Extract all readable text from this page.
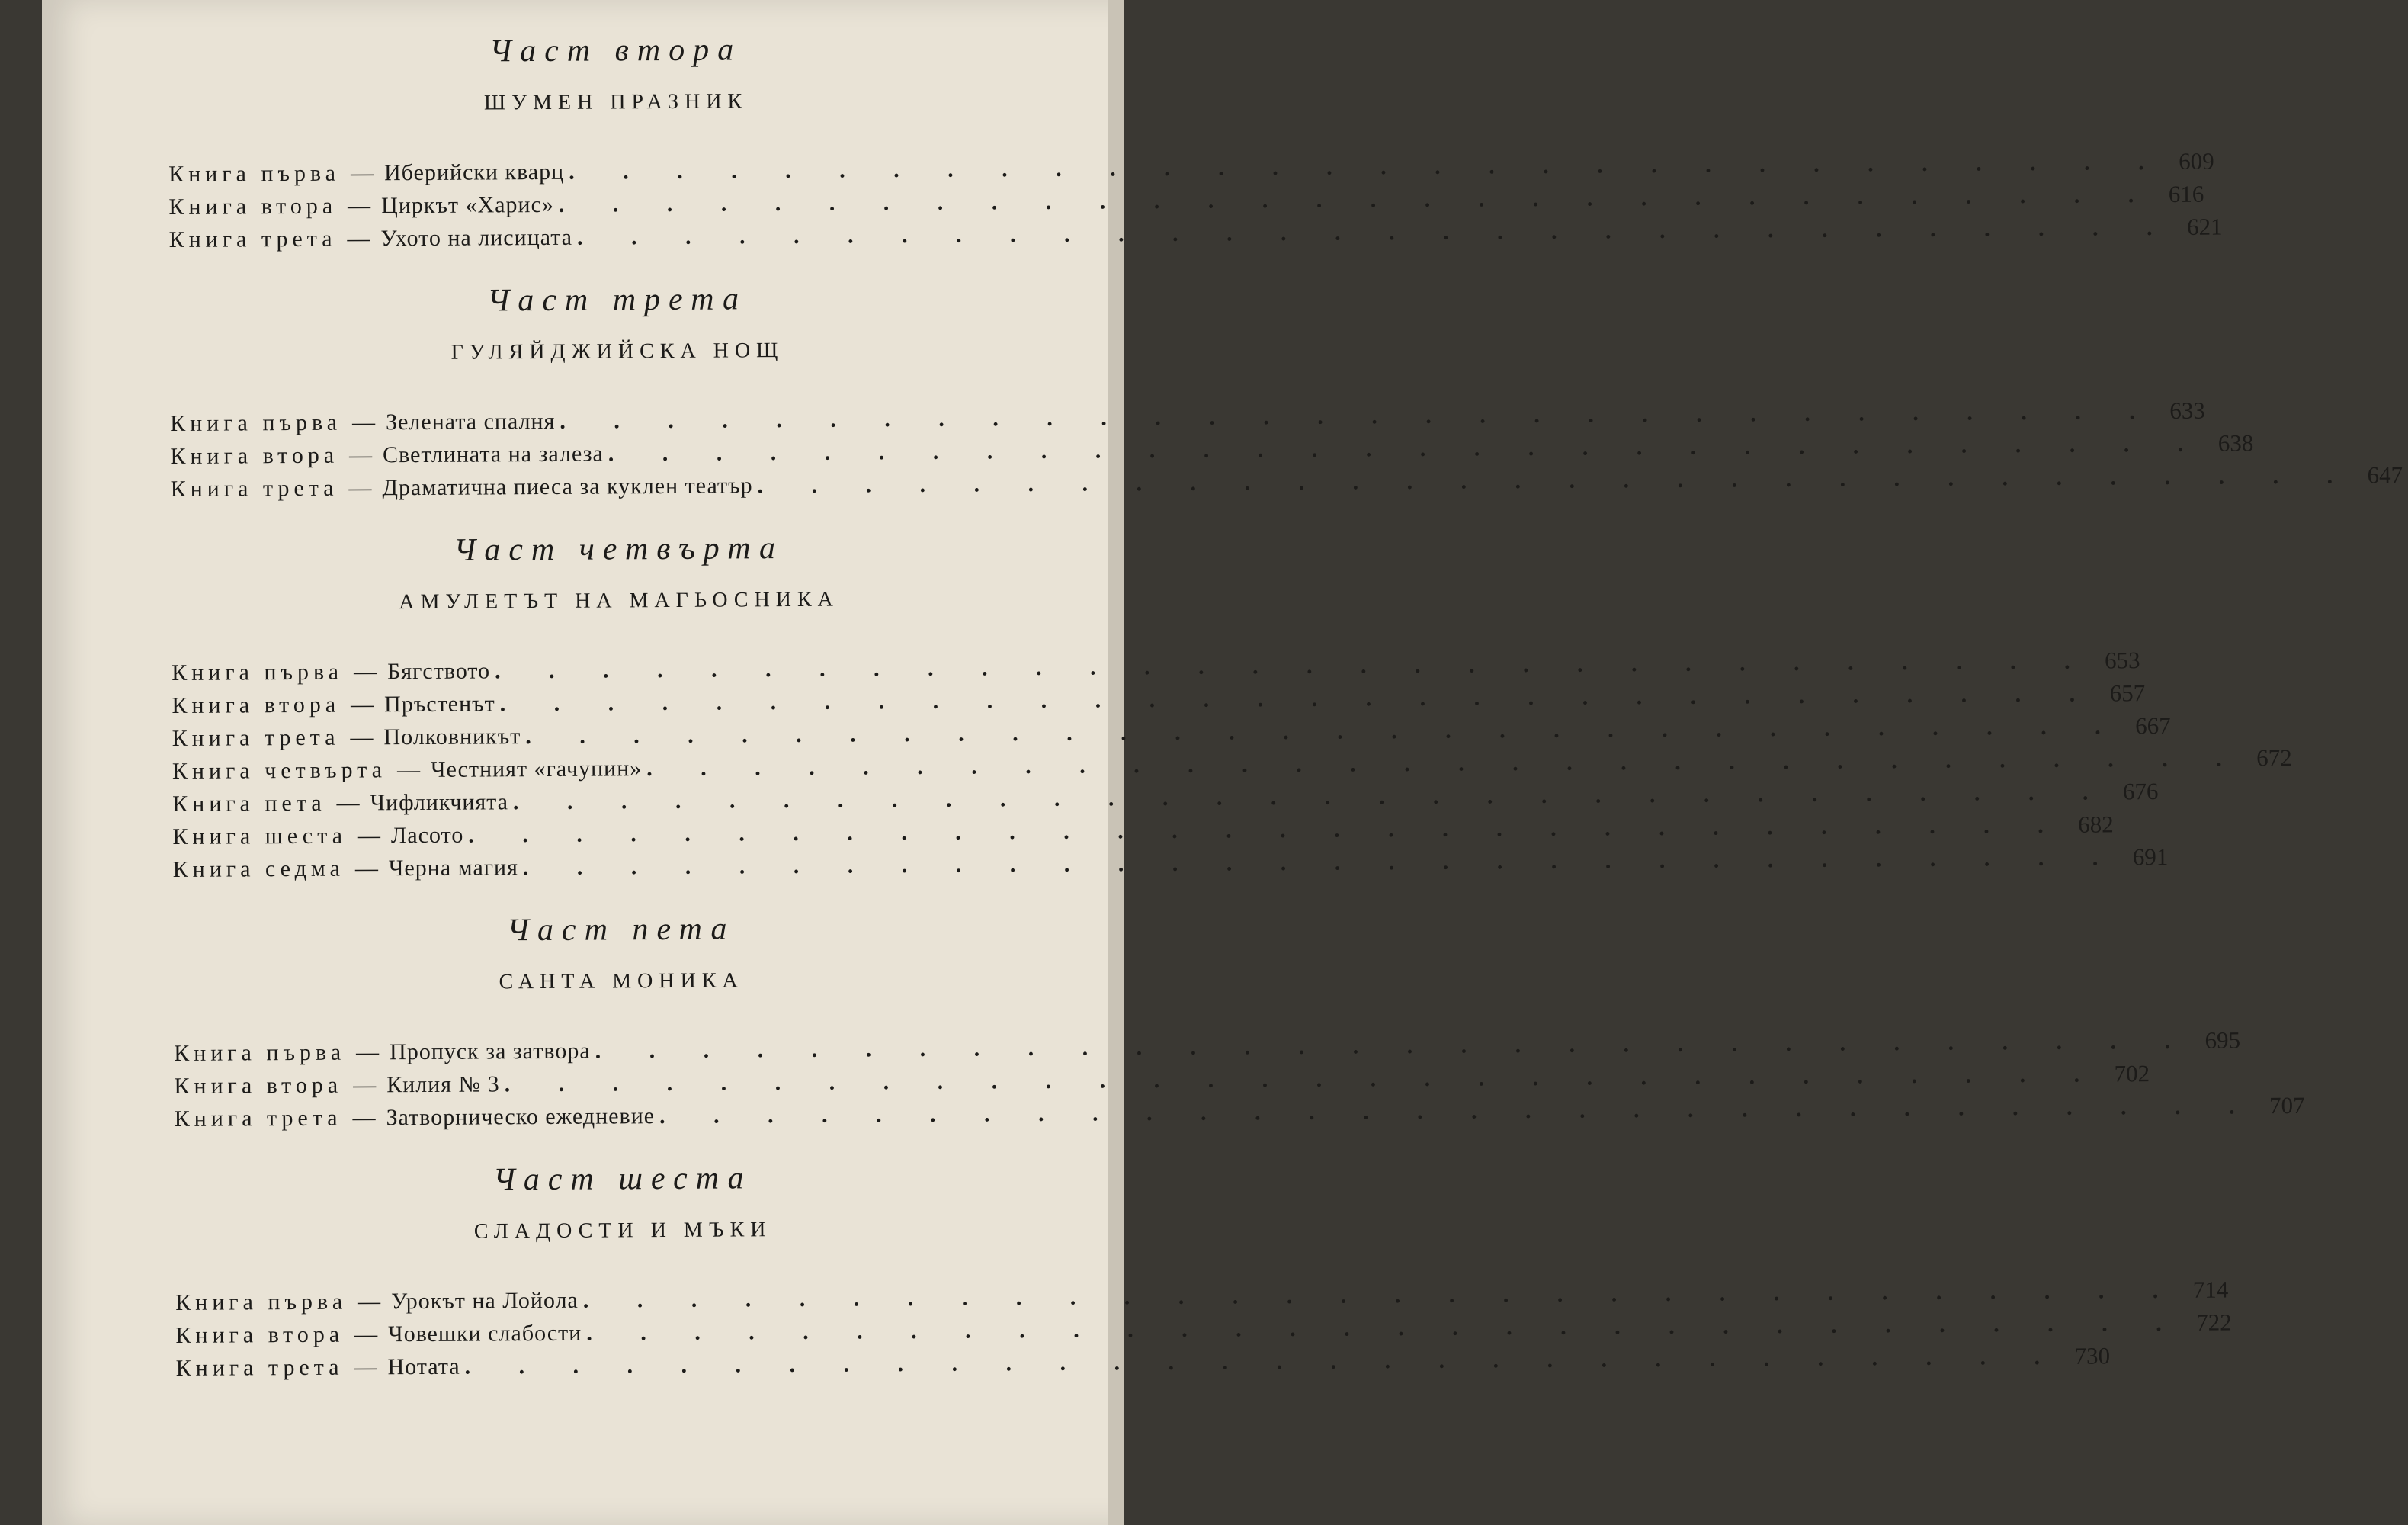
Част втора
ШУМЕН ПРАЗНИК
Книга първа — Иберийски кварц . . . . . . . . . . . . . . . . . . . . . . . . . . . . . . 609
Книга втора — Циркът «Харис» . . . . . . . . . . . . . . . . . . . . . . . . . . . . . . 616
Книга трета — Ухото на лисицата . . . . . . . . . . . . . . . . . . . . . . . . . . . . . . 621
Част трета
ГУЛЯЙДЖИЙСКА НОЩ
Книга първа — Зелената спалня . . . . . . . . . . . . . . . . . . . . . . . . . . . . . . 633
Книга втора — Светлината на залеза . . . . . . . . . . . . . . . . . . . . . . . . . . . . . . 638
Книга трета — Драматична пиеса за куклен театър . . . . . . . . . . . . . . . . . . . . . . . . . . . . . . 647
Част четвърта
АМУЛЕТЪТ НА МАГЬОСНИКА
Книга първа — Бягството . . . . . . . . . . . . . . . . . . . . . . . . . . . . . . 653
Книга втора — Пръстенът . . . . . . . . . . . . . . . . . . . . . . . . . . . . . . 657
Книга трета — Полковникът . . . . . . . . . . . . . . . . . . . . . . . . . . . . . . 667
Книга четвърта — Честният «гачупин» . . . . . . . . . . . . . . . . . . . . . . . . . . . . . . 672
Книга пета — Чифликчията . . . . . . . . . . . . . . . . . . . . . . . . . . . . . . 676
Книга шеста — Ласото . . . . . . . . . . . . . . . . . . . . . . . . . . . . . . 682
Книга седма — Черна магия . . . . . . . . . . . . . . . . . . . . . . . . . . . . . . 691
Част пета
САНТА МОНИКА
Книга първа — Пропуск за затвора . . . . . . . . . . . . . . . . . . . . . . . . . . . . . . 695
Книга втора — Килия № 3 . . . . . . . . . . . . . . . . . . . . . . . . . . . . . . 702
Книга трета — Затворническо ежедневие . . . . . . . . . . . . . . . . . . . . . . . . . . . . . . 707
Част шеста
СЛАДОСТИ И МЪКИ
Книга първа — Урокът на Лойола . . . . . . . . . . . . . . . . . . . . . . . . . . . . . . 714
Книга втора — Човешки слабости . . . . . . . . . . . . . . . . . . . . . . . . . . . . . . 722
Книга трета — Нотата . . . . . . . . . . . . . . . . . . . . . . . . . . . . . . 730
